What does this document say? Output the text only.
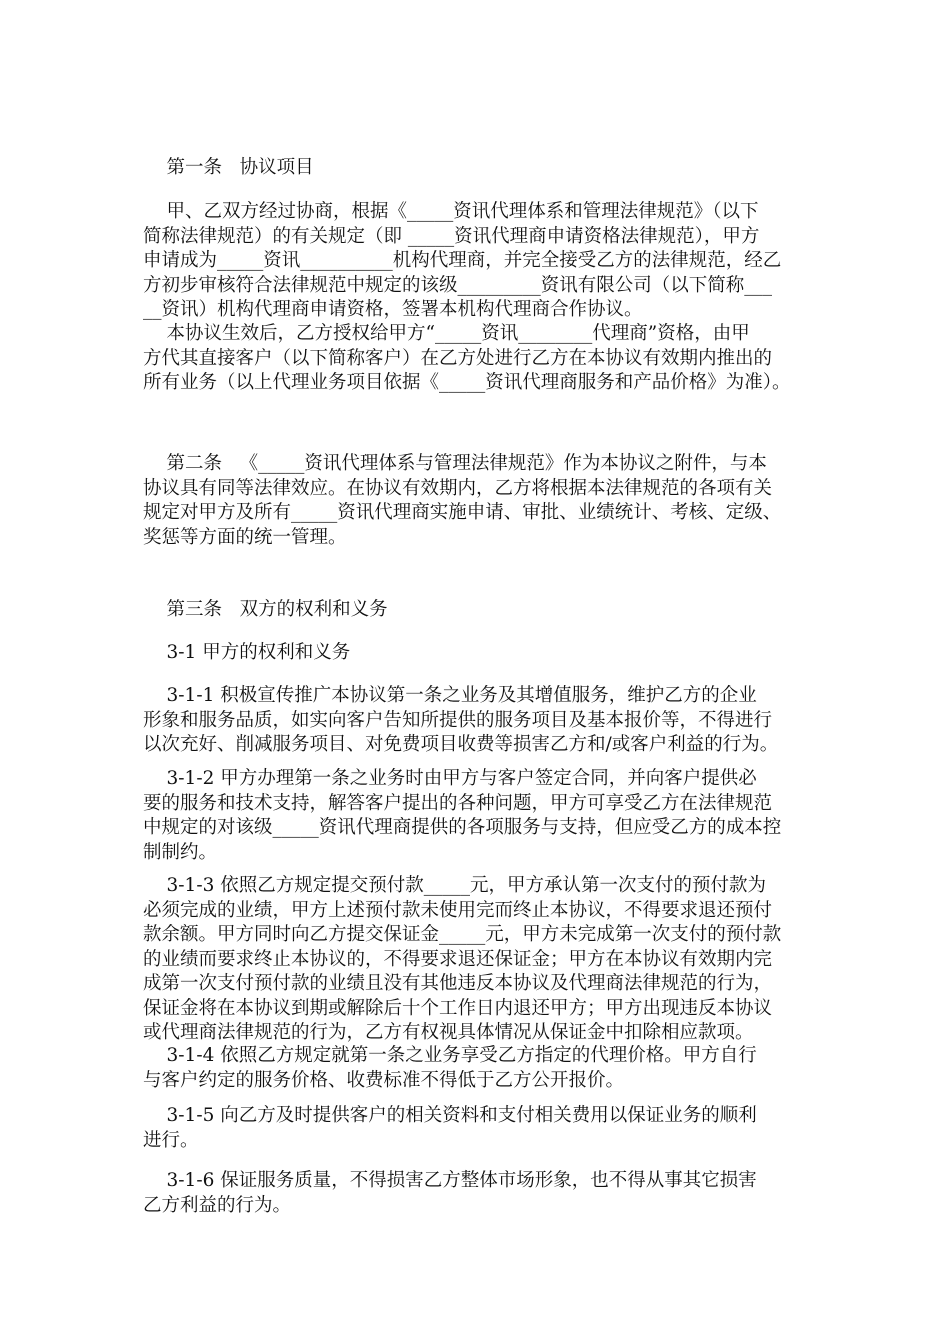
第一条   协议项目
甲、乙双方经过协商，根据《_____资讯代理体系和管理法律规范》（以下
简称法律规范）的有关规定（即 _____资讯代理商申请资格法律规范），甲方
申请成为_____资讯__________机构代理商，并完全接受乙方的法律规范，经乙
方初步审核符合法律规范中规定的该级_________资讯有限公司（以下简称___
__资讯）机构代理商申请资格，签署本机构代理商合作协议。
本协议生效后，乙方授权给甲方“_____资讯________代理商”资格，由甲
方代其直接客户（以下简称客户）在乙方处进行乙方在本协议有效期内推出的
所有业务（以上代理业务项目依据《_____资讯代理商服务和产品价格》为准）。
第二条   《_____资讯代理体系与管理法律规范》作为本协议之附件，与本
协议具有同等法律效应。在协议有效期内，乙方将根据本法律规范的各项有关
规定对甲方及所有_____资讯代理商实施申请、审批、业绩统计、考核、定级、
奖惩等方面的统一管理。
第三条   双方的权利和义务
3-1 甲方的权利和义务
3-1-1 积极宣传推广本协议第一条之业务及其增值服务，维护乙方的企业
形象和服务品质，如实向客户告知所提供的服务项目及基本报价等，不得进行
以次充好、削减服务项目、对免费项目收费等损害乙方和/或客户利益的行为。
3-1-2 甲方办理第一条之业务时由甲方与客户签定合同，并向客户提供必
要的服务和技术支持，解答客户提出的各种问题，甲方可享受乙方在法律规范
中规定的对该级_____资讯代理商提供的各项服务与支持，但应受乙方的成本控
制制约。
3-1-3 依照乙方规定提交预付款_____元，甲方承认第一次支付的预付款为
必须完成的业绩，甲方上述预付款未使用完而终止本协议，不得要求退还预付
款余额。甲方同时向乙方提交保证金_____元，甲方未完成第一次支付的预付款
的业绩而要求终止本协议的，不得要求退还保证金；甲方在本协议有效期内完
成第一次支付预付款的业绩且没有其他违反本协议及代理商法律规范的行为，
保证金将在本协议到期或解除后十个工作日内退还甲方；甲方出现违反本协议
或代理商法律规范的行为，乙方有权视具体情况从保证金中扣除相应款项。
3-1-4 依照乙方规定就第一条之业务享受乙方指定的代理价格。甲方自行
与客户约定的服务价格、收费标准不得低于乙方公开报价。
3-1-5 向乙方及时提供客户的相关资料和支付相关费用以保证业务的顺利
进行。
3-1-6 保证服务质量，不得损害乙方整体市场形象，也不得从事其它损害
乙方利益的行为。
